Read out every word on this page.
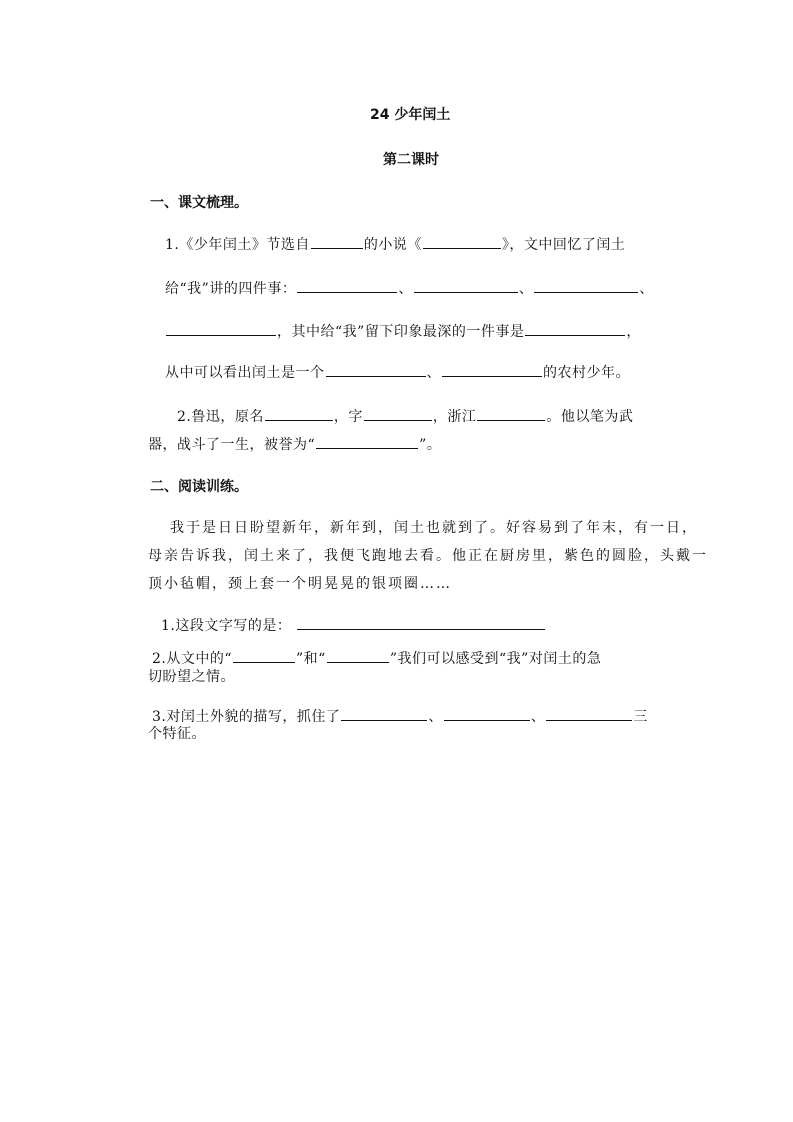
24 少年闰土
第二课时
一、课文梳理。
1.《少年闰土》节选自	的小说《	》，文中回忆了闰土
给“我”讲的四件事：	、	、	、
，其中给“我”留下印象最深的一件事是	，
从中可以看出闰土是一个	、	的农村少年。
2.鲁迅，原名	，字	，浙江	。他以笔为武
器，战斗了一生，被誉为“	”。
二、阅读训练。
我于是日日盼望新年，新年到，闰土也就到了。好容易到了年末，有一日，
母亲告诉我，闰土来了，我便飞跑地去看。他正在厨房里，紫色的圆脸，头戴一
顶小毡帽，颈上套一个明晃晃的银项圈……
1.这段文字写的是：
2.从文中的“	”和“	”我们可以感受到“我”对闰土的急
切盼望之情。
3.对闰土外貌的描写，抓住了	、	、	三
个特征。
